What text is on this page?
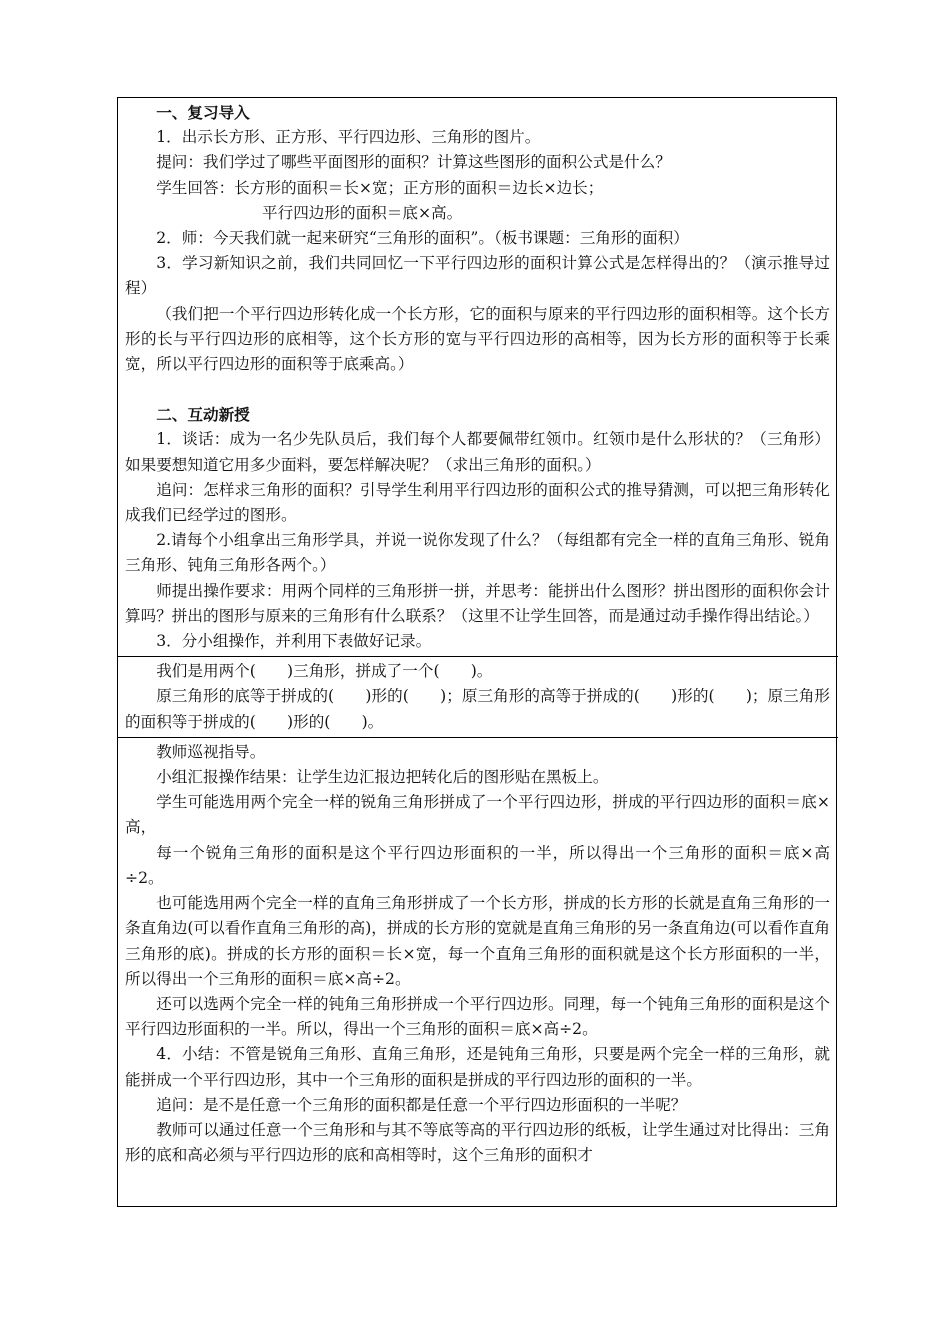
一、复习导入

1．出示长方形、正方形、平行四边形、三角形的图片。

提问：我们学过了哪些平面图形的面积？计算这些图形的面积公式是什么？

学生回答：长方形的面积＝长×宽；正方形的面积＝边长×边长；

平行四边形的面积＝底×高。

2．师：今天我们就一起来研究“三角形的面积”。（板书课题：三角形的面积）

3．学习新知识之前，我们共同回忆一下平行四边形的面积计算公式是怎样得出的？（演示推导过程）

（我们把一个平行四边形转化成一个长方形，它的面积与原来的平行四边形的面积相等。这个长方形的长与平行四边形的底相等，这个长方形的宽与平行四边形的高相等，因为长方形的面积等于长乘宽，所以平行四边形的面积等于底乘高。）

二、互动新授

1．谈话：成为一名少先队员后，我们每个人都要佩带红领巾。红领巾是什么形状的？（三角形）如果要想知道它用多少面料，要怎样解决呢？（求出三角形的面积。）

追问：怎样求三角形的面积？引导学生利用平行四边形的面积公式的推导猜测，可以把三角形转化成我们已经学过的图形。

2.请每个小组拿出三角形学具，并说一说你发现了什么？（每组都有完全一样的直角三角形、锐角三角形、钝角三角形各两个。）

师提出操作要求：用两个同样的三角形拼一拼，并思考：能拼出什么图形？拼出图形的面积你会计算吗？拼出的图形与原来的三角形有什么联系？（这里不让学生回答，而是通过动手操作得出结论。）

3．分小组操作，并利用下表做好记录。

我们是用两个(　　)三角形，拼成了一个(　　)。

原三角形的底等于拼成的(　　)形的(　　)；原三角形的高等于拼成的(　　)形的(　　)；原三角形的面积等于拼成的(　　)形的(　　)。

教师巡视指导。

小组汇报操作结果：让学生边汇报边把转化后的图形贴在黑板上。

学生可能选用两个完全一样的锐角三角形拼成了一个平行四边形，拼成的平行四边形的面积＝底×高，

每一个锐角三角形的面积是这个平行四边形面积的一半，所以得出一个三角形的面积＝底×高÷2。

也可能选用两个完全一样的直角三角形拼成了一个长方形，拼成的长方形的长就是直角三角形的一条直角边(可以看作直角三角形的高)，拼成的长方形的宽就是直角三角形的另一条直角边(可以看作直角三角形的底)。拼成的长方形的面积＝长×宽，每一个直角三角形的面积就是这个长方形面积的一半，所以得出一个三角形的面积＝底×高÷2。

还可以选两个完全一样的钝角三角形拼成一个平行四边形。同理，每一个钝角三角形的面积是这个平行四边形面积的一半。所以，得出一个三角形的面积＝底×高÷2。

4．小结：不管是锐角三角形、直角三角形，还是钝角三角形，只要是两个完全一样的三角形，就能拼成一个平行四边形，其中一个三角形的面积是拼成的平行四边形的面积的一半。

追问：是不是任意一个三角形的面积都是任意一个平行四边形面积的一半呢？

教师可以通过任意一个三角形和与其不等底等高的平行四边形的纸板，让学生通过对比得出：三角形的底和高必须与平行四边形的底和高相等时，这个三角形的面积才
